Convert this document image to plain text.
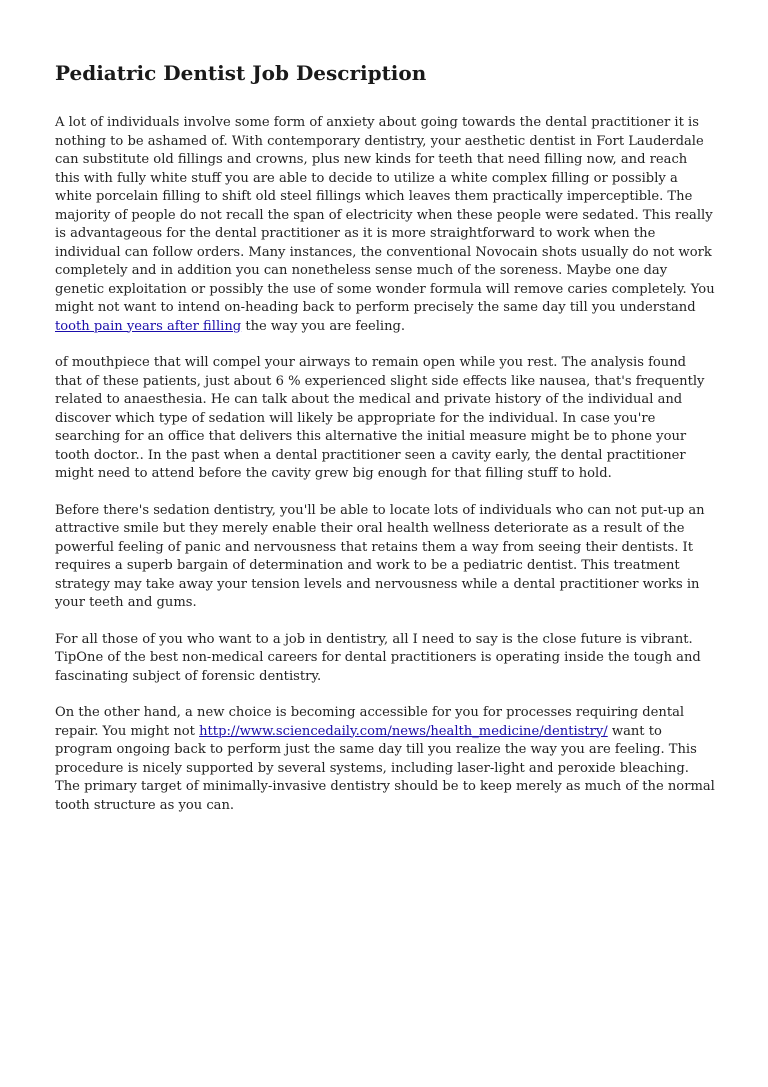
Pediatric Dentist Job Description

A lot of individuals involve some form of anxiety about going towards the dental practitioner it is nothing to be ashamed of. With contemporary dentistry, your aesthetic dentist in Fort Lauderdale can substitute old fillings and crowns, plus new kinds for teeth that need filling now, and reach this with fully white stuff you are able to decide to utilize a white complex filling or possibly a white porcelain filling to shift old steel fillings which leaves them practically imperceptible. The majority of people do not recall the span of electricity when these people were sedated. This really is advantageous for the dental practitioner as it is more straightforward to work when the individual can follow orders. Many instances, the conventional Novocain shots usually do not work completely and in addition you can nonetheless sense much of the soreness. Maybe one day genetic exploitation or possibly the use of some wonder formula will remove caries completely. You might not want to intend on-heading back to perform precisely the same day till you understand tooth pain years after filling the way you are feeling.

of mouthpiece that will compel your airways to remain open while you rest. The analysis found that of these patients, just about 6 % experienced slight side effects like nausea, that's frequently related to anaesthesia. He can talk about the medical and private history of the individual and discover which type of sedation will likely be appropriate for the individual. In case you're searching for an office that delivers this alternative the initial measure might be to phone your tooth doctor.. In the past when a dental practitioner seen a cavity early, the dental practitioner might need to attend before the cavity grew big enough for that filling stuff to hold.

Before there's sedation dentistry, you'll be able to locate lots of individuals who can not put-up an attractive smile but they merely enable their oral health wellness deteriorate as a result of the powerful feeling of panic and nervousness that retains them a way from seeing their dentists. It requires a superb bargain of determination and work to be a pediatric dentist. This treatment strategy may take away your tension levels and nervousness while a dental practitioner works in your teeth and gums.

For all those of you who want to a job in dentistry, all I need to say is the close future is vibrant. TipOne of the best non-medical careers for dental practitioners is operating inside the tough and fascinating subject of forensic dentistry.

On the other hand, a new choice is becoming accessible for you for processes requiring dental repair. You might not http://www.sciencedaily.com/news/health_medicine/dentistry/ want to program ongoing back to perform just the same day till you realize the way you are feeling. This procedure is nicely supported by several systems, including laser-light and peroxide bleaching. The primary target of minimally-invasive dentistry should be to keep merely as much of the normal tooth structure as you can.
